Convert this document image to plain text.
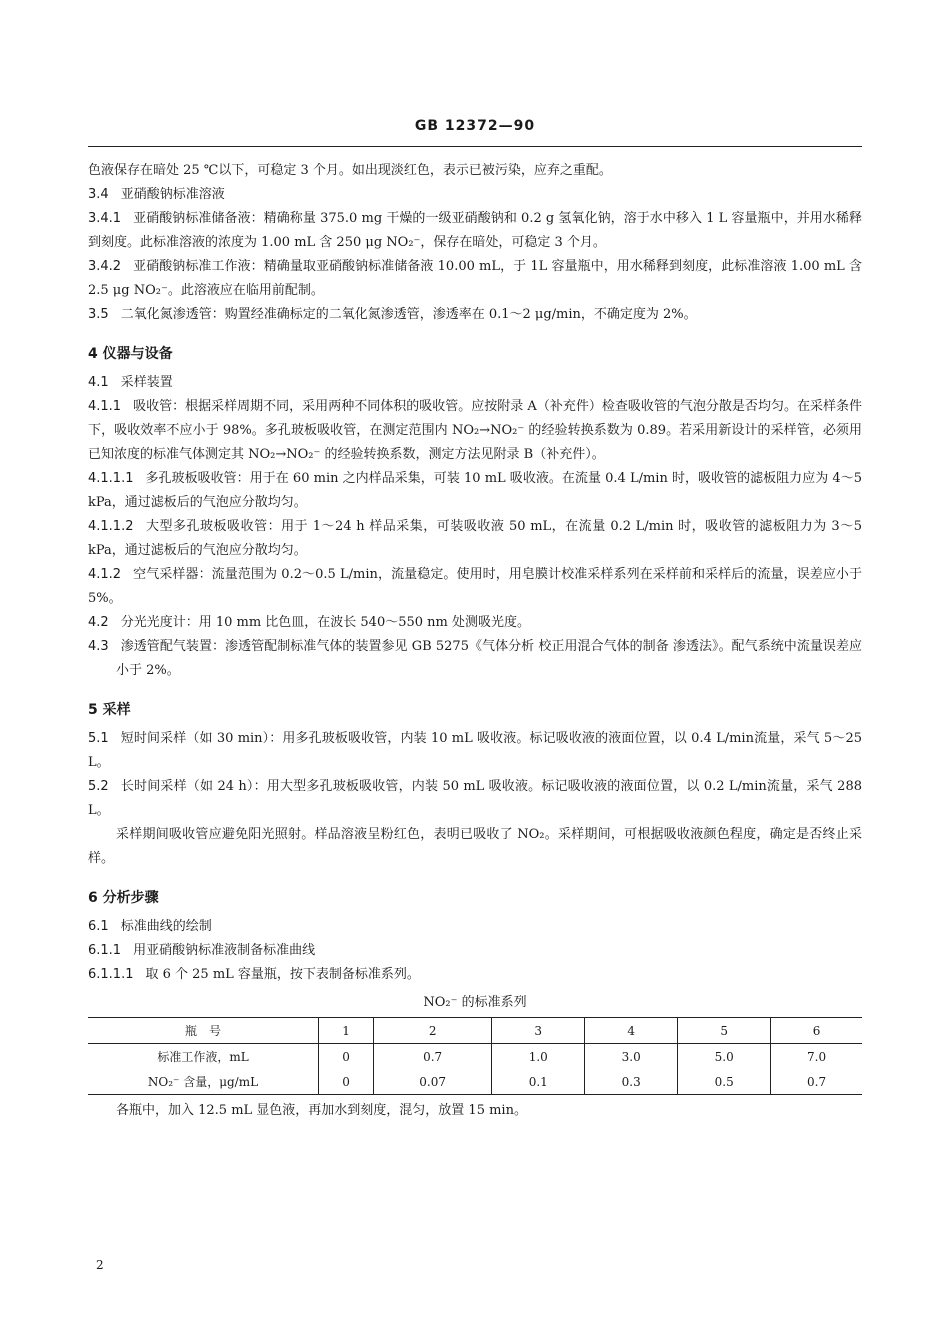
GB 12372—90

色液保存在暗处 25 ℃以下，可稳定 3 个月。如出现淡红色，表示已被污染，应弃之重配。

3.4 亚硝酸钠标准溶液

3.4.1 亚硝酸钠标准储备液：精确称量 375.0 mg 干燥的一级亚硝酸钠和 0.2 g 氢氧化钠，溶于水中移入 1 L 容量瓶中，并用水稀释到刻度。此标准溶液的浓度为 1.00 mL 含 250 μg NO₂⁻，保存在暗处，可稳定 3 个月。

3.4.2 亚硝酸钠标准工作液：精确量取亚硝酸钠标准储备液 10.00 mL，于 1L 容量瓶中，用水稀释到刻度，此标准溶液 1.00 mL 含 2.5 μg NO₂⁻。此溶液应在临用前配制。

3.5 二氧化氮渗透管：购置经准确标定的二氧化氮渗透管，渗透率在 0.1～2 μg/min，不确定度为 2%。

4 仪器与设备

4.1 采样装置

4.1.1 吸收管：根据采样周期不同，采用两种不同体积的吸收管。应按附录 A（补充件）检查吸收管的气泡分散是否均匀。在采样条件下，吸收效率不应小于 98%。多孔玻板吸收管，在测定范围内 NO₂→NO₂⁻ 的经验转换系数为 0.89。若采用新设计的采样管，必须用已知浓度的标准气体测定其 NO₂→NO₂⁻ 的经验转换系数，测定方法见附录 B（补充件）。

4.1.1.1 多孔玻板吸收管：用于在 60 min 之内样品采集，可装 10 mL 吸收液。在流量 0.4 L/min 时，吸收管的滤板阻力应为 4～5 kPa，通过滤板后的气泡应分散均匀。

4.1.1.2 大型多孔玻板吸收管：用于 1～24 h 样品采集，可装吸收液 50 mL，在流量 0.2 L/min 时，吸收管的滤板阻力为 3～5 kPa，通过滤板后的气泡应分散均匀。

4.1.2 空气采样器：流量范围为 0.2～0.5 L/min，流量稳定。使用时，用皂膜计校准采样系列在采样前和采样后的流量，误差应小于 5%。

4.2 分光光度计：用 10 mm 比色皿，在波长 540～550 nm 处测吸光度。

4.3 渗透管配气装置：渗透管配制标准气体的装置参见 GB 5275《气体分析 校正用混合气体的制备 渗透法》。配气系统中流量误差应小于 2%。

5 采样

5.1 短时间采样（如 30 min）：用多孔玻板吸收管，内装 10 mL 吸收液。标记吸收液的液面位置，以 0.4 L/min流量，采气 5～25 L。

5.2 长时间采样（如 24 h）：用大型多孔玻板吸收管，内装 50 mL 吸收液。标记吸收液的液面位置，以 0.2 L/min流量，采气 288 L。

采样期间吸收管应避免阳光照射。样品溶液呈粉红色，表明已吸收了 NO₂。采样期间，可根据吸收液颜色程度，确定是否终止采样。

6 分析步骤

6.1 标准曲线的绘制

6.1.1 用亚硝酸钠标准液制备标准曲线

6.1.1.1 取 6 个 25 mL 容量瓶，按下表制备标准系列。

NO₂⁻ 的标准系列
瓶　号	1	2	3	4	5	6
标准工作液，mL	0	0.7	1.0	3.0	5.0	7.0
NO₂⁻ 含量，μg/mL	0	0.07	0.1	0.3	0.5	0.7

各瓶中，加入 12.5 mL 显色液，再加水到刻度，混匀，放置 15 min。

2
